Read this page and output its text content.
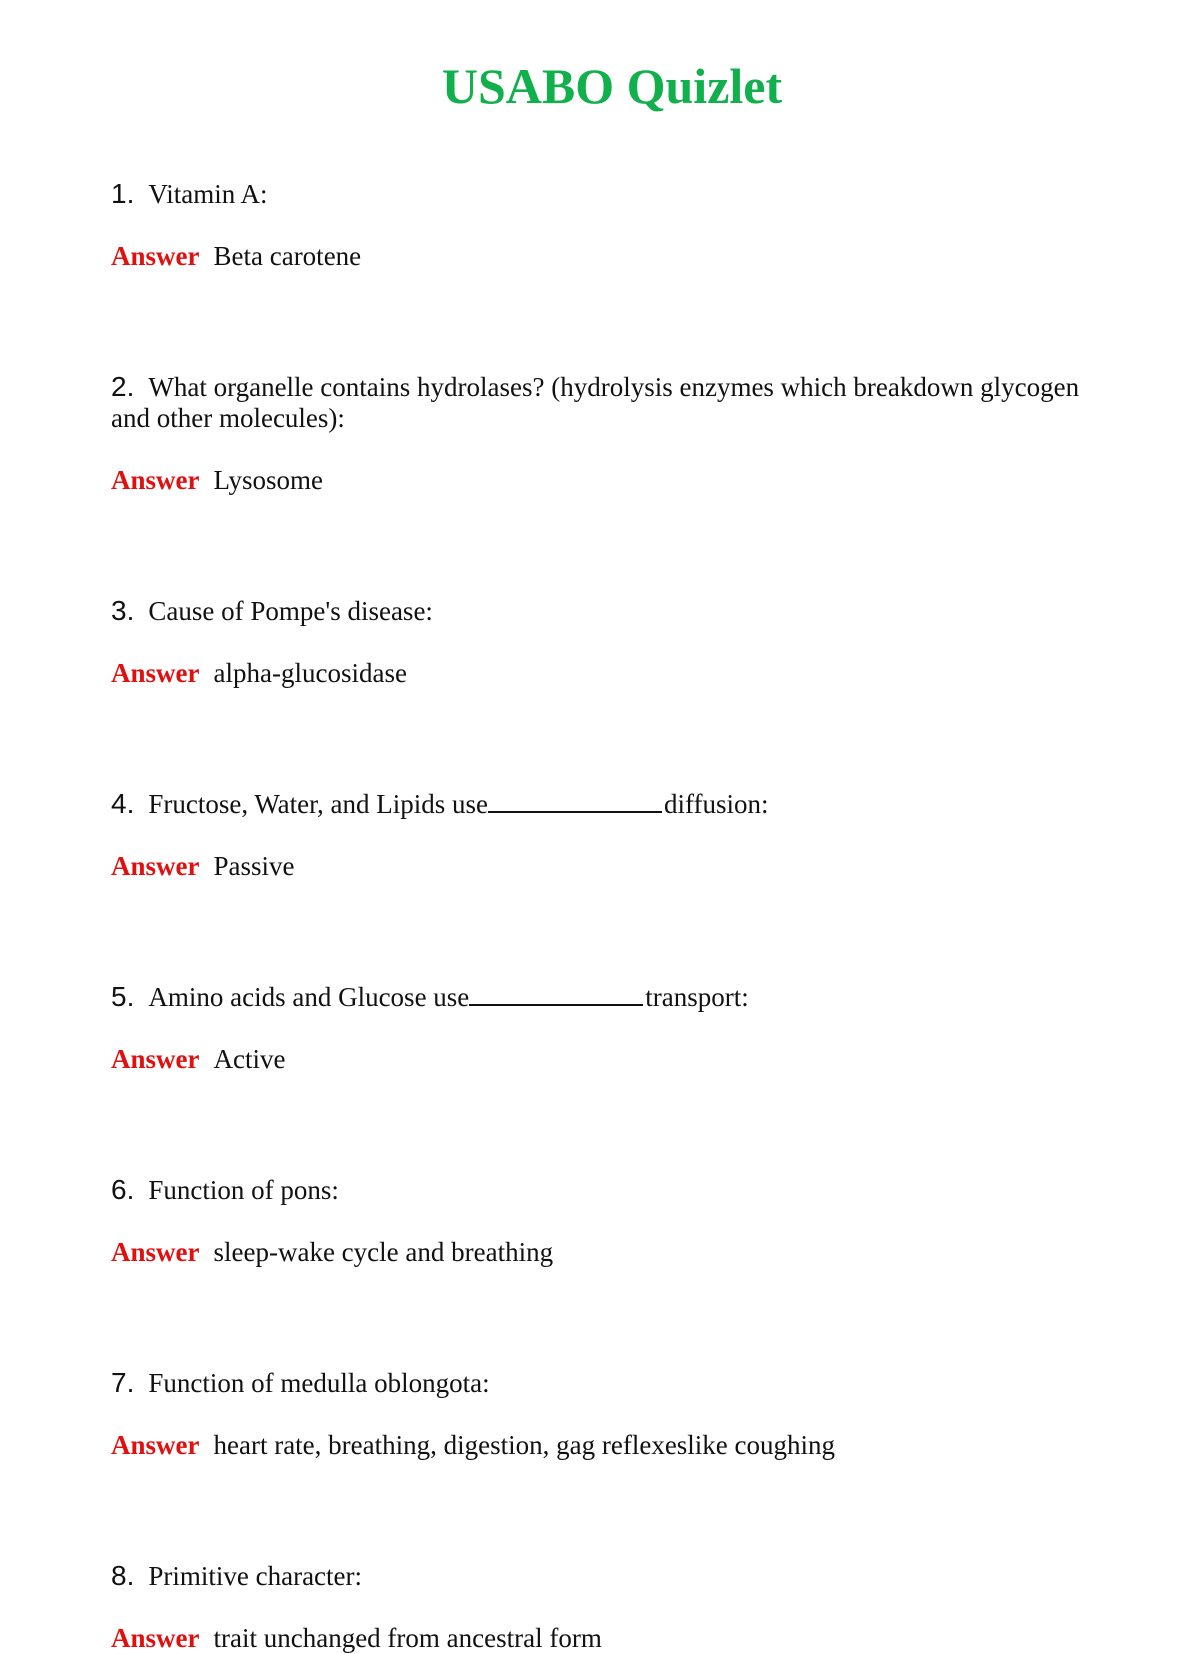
USABO Quizlet

1. Vitamin A:

Answer Beta carotene

2. What organelle contains hydrolases? (hydrolysis enzymes which breakdown glycogen and other molecules):

Answer Lysosome

3. Cause of Pompe's disease:

Answer alpha-glucosidase

4. Fructose, Water, and Lipids use	diffusion:

Answer Passive

5. Amino acids and Glucose use	transport:

Answer Active

6. Function of pons:

Answer sleep-wake cycle and breathing

7. Function of medulla oblongota:

Answer heart rate, breathing, digestion, gag reflexeslike coughing

8. Primitive character:

Answer trait unchanged from ancestral form
